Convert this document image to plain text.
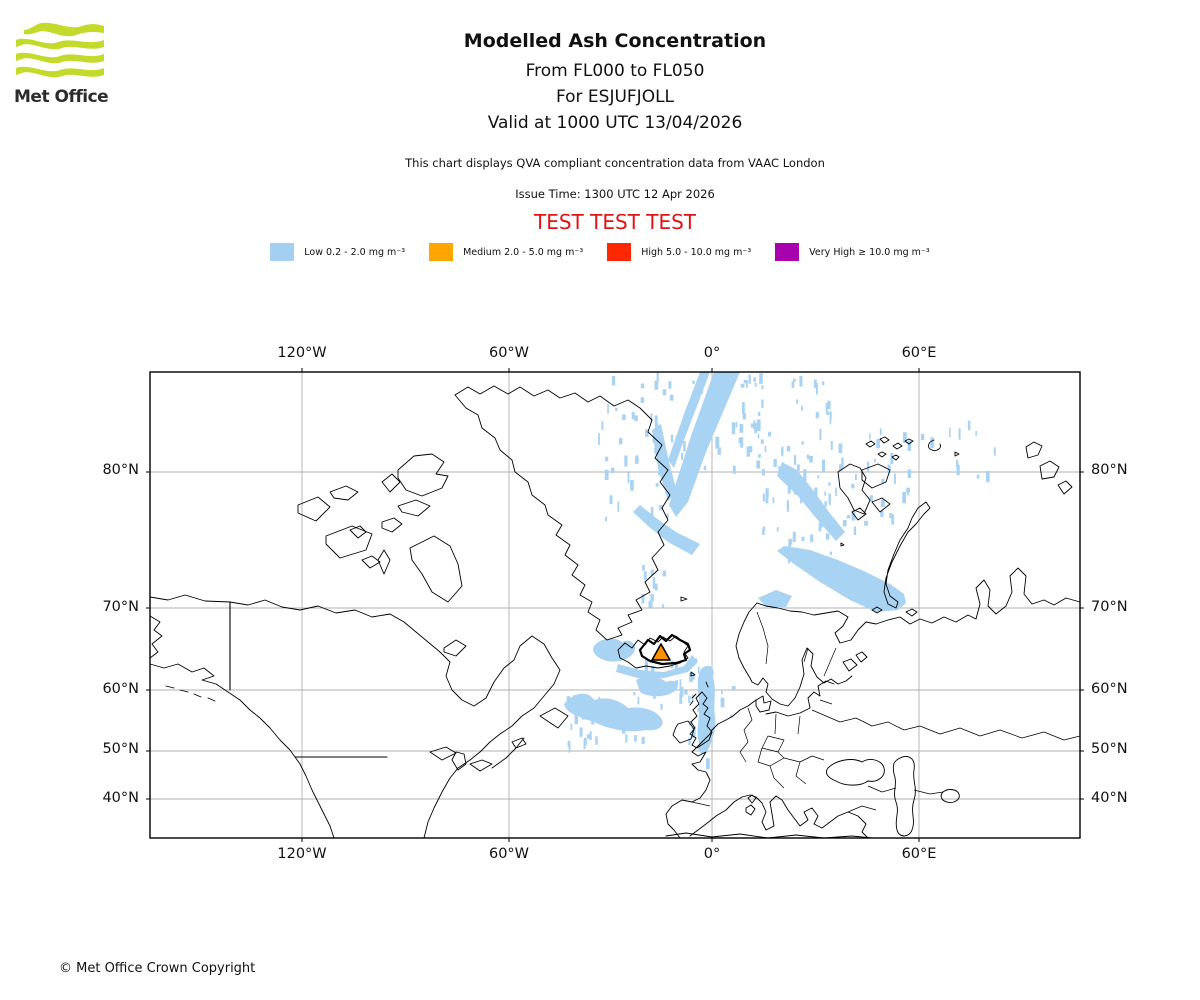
Met Office
Modelled Ash Concentration
From FL000 to FL050
For ESJUFJOLL
Valid at 1000 UTC 13/04/2026
This chart displays QVA compliant concentration data from VAAC London
Issue Time: 1300 UTC 12 Apr 2026
TEST TEST TEST
Low 0.2 - 2.0 mg m⁻³	Medium 2.0 - 5.0 mg m⁻³	High 5.0 - 10.0 mg m⁻³	Very High ≥ 10.0 mg m⁻³
120°W	60°W	0°	60°E
120°W	60°W	0°	60°E
80°N
70°N
60°N
50°N
40°N
80°N
70°N
60°N
50°N
40°N
© Met Office Crown Copyright
